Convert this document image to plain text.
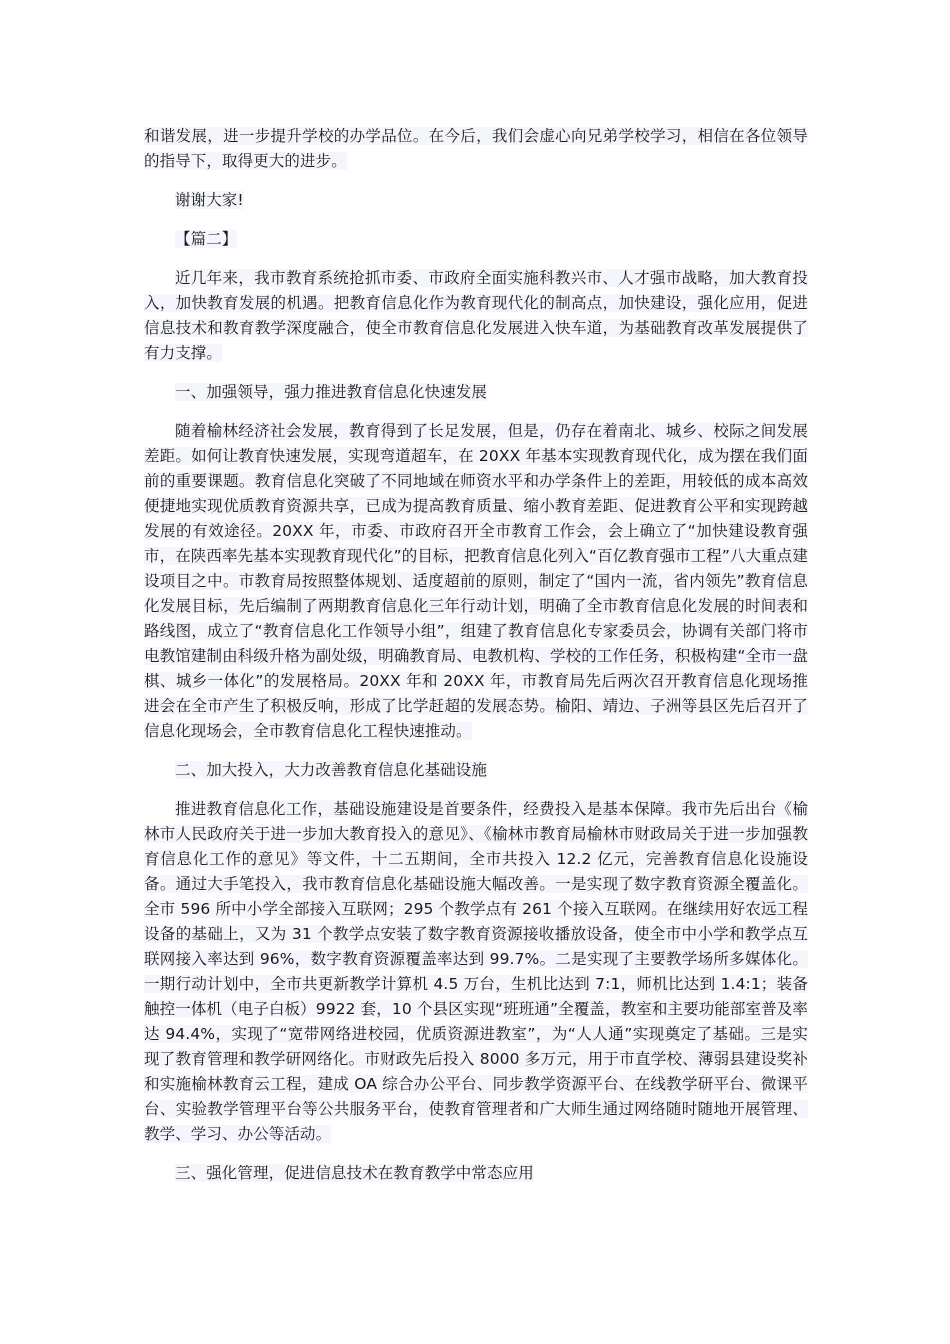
和谐发展，进一步提升学校的办学品位。在今后，我们会虚心向兄弟学校学习，相信在各位领导的指导下，取得更大的进步。

谢谢大家!

【篇二】

近几年来，我市教育系统抢抓市委、市政府全面实施科教兴市、人才强市战略，加大教育投入，加快教育发展的机遇。把教育信息化作为教育现代化的制高点，加快建设，强化应用，促进信息技术和教育教学深度融合，使全市教育信息化发展进入快车道，为基础教育改革发展提供了有力支撑。

一、加强领导，强力推进教育信息化快速发展

随着榆林经济社会发展，教育得到了长足发展，但是，仍存在着南北、城乡、校际之间发展差距。如何让教育快速发展，实现弯道超车，在 20XX 年基本实现教育现代化，成为摆在我们面前的重要课题。教育信息化突破了不同地域在师资水平和办学条件上的差距，用较低的成本高效便捷地实现优质教育资源共享，已成为提高教育质量、缩小教育差距、促进教育公平和实现跨越发展的有效途径。20XX 年，市委、市政府召开全市教育工作会，会上确立了“加快建设教育强市，在陕西率先基本实现教育现代化”的目标，把教育信息化列入“百亿教育强市工程”八大重点建设项目之中。市教育局按照整体规划、适度超前的原则，制定了“国内一流，省内领先”教育信息化发展目标，先后编制了两期教育信息化三年行动计划，明确了全市教育信息化发展的时间表和路线图，成立了“教育信息化工作领导小组”，组建了教育信息化专家委员会，协调有关部门将市电教馆建制由科级升格为副处级，明确教育局、电教机构、学校的工作任务，积极构建“全市一盘棋、城乡一体化”的发展格局。20XX 年和 20XX 年，市教育局先后两次召开教育信息化现场推进会在全市产生了积极反响，形成了比学赶超的发展态势。榆阳、靖边、子洲等县区先后召开了信息化现场会，全市教育信息化工程快速推动。

二、加大投入，大力改善教育信息化基础设施

推进教育信息化工作，基础设施建设是首要条件，经费投入是基本保障。我市先后出台《榆林市人民政府关于进一步加大教育投入的意见》、《榆林市教育局榆林市财政局关于进一步加强教育信息化工作的意见》等文件，十二五期间，全市共投入 12.2 亿元，完善教育信息化设施设备。通过大手笔投入，我市教育信息化基础设施大幅改善。一是实现了数字教育资源全覆盖化。全市 596 所中小学全部接入互联网；295 个教学点有 261 个接入互联网。在继续用好农远工程设备的基础上，又为 31 个教学点安装了数字教育资源接收播放设备，使全市中小学和教学点互联网接入率达到 96%，数字教育资源覆盖率达到 99.7%。二是实现了主要教学场所多媒体化。一期行动计划中，全市共更新教学计算机 4.5 万台，生机比达到 7:1，师机比达到 1.4:1；装备触控一体机（电子白板）9922 套，10 个县区实现“班班通”全覆盖，教室和主要功能部室普及率达 94.4%，实现了“宽带网络进校园，优质资源进教室”，为“人人通”实现奠定了基础。三是实现了教育管理和教学研网络化。市财政先后投入 8000 多万元，用于市直学校、薄弱县建设奖补和实施榆林教育云工程，建成 OA 综合办公平台、同步教学资源平台、在线教学研平台、微课平台、实验教学管理平台等公共服务平台，使教育管理者和广大师生通过网络随时随地开展管理、教学、学习、办公等活动。

三、强化管理，促进信息技术在教育教学中常态应用
